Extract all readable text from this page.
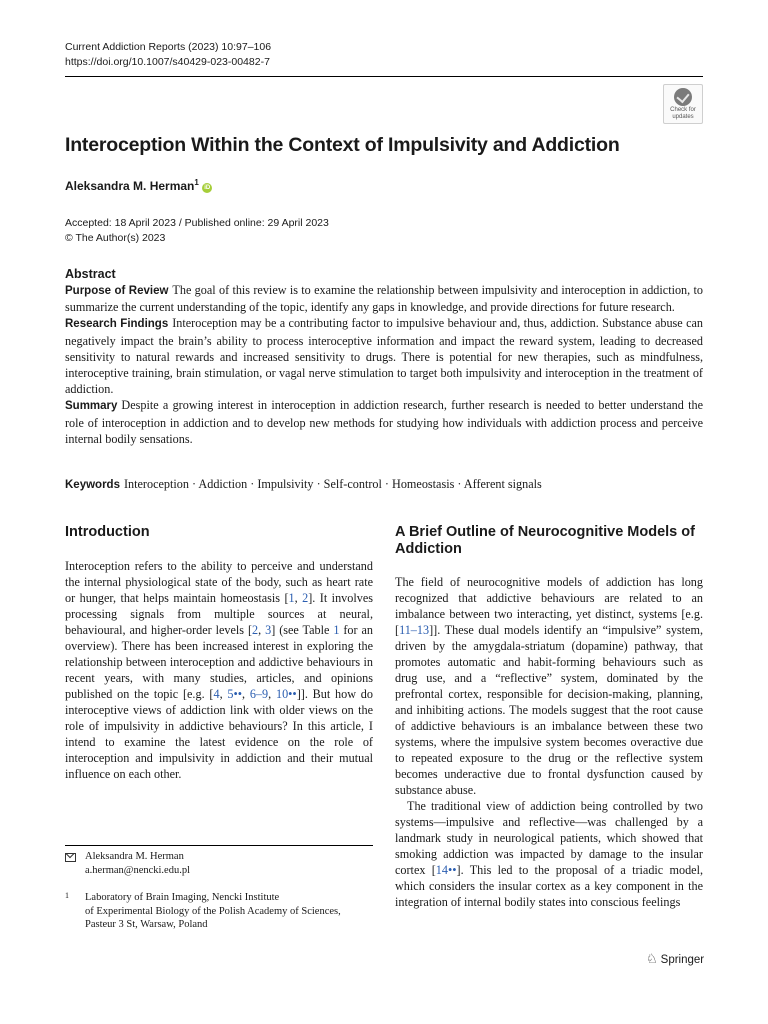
Current Addiction Reports (2023) 10:97–106
https://doi.org/10.1007/s40429-023-00482-7
Check for
updates
Interoception Within the Context of Impulsivity and Addiction
Aleksandra M. Herman$^1$ iD
Accepted: 18 April 2023 / Published online: 29 April 2023
© The Author(s) 2023
Abstract

Purpose of Review The goal of this review is to examine the relationship between impulsivity and interoception in addiction, to summarize the current understanding of the topic, identify any gaps in knowledge, and provide directions for future research.

Research Findings Interoception may be a contributing factor to impulsive behaviour and, thus, addiction. Substance abuse can negatively impact the brain’s ability to process interoceptive information and impact the reward system, leading to decreased sensitivity to natural rewards and increased sensitivity to drugs. There is potential for new therapies, such as mindfulness, interoceptive training, brain stimulation, or vagal nerve stimulation to target both impulsivity and interoception in the treatment of addiction.

Summary Despite a growing interest in interoception in addiction research, further research is needed to better understand the role of interoception in addiction and to develop new methods for studying how individuals with addiction process and perceive internal bodily sensations.

Keywords Interoception · Addiction · Impulsivity · Self-control · Homeostasis · Afferent signals
Introduction

Interoception refers to the ability to perceive and understand the internal physiological state of the body, such as heart rate or hunger, that helps maintain homeostasis [1, 2]. It involves processing signals from multiple sources at neural, behavioural, and higher-order levels [2, 3] (see Table 1 for an overview). There has been increased interest in exploring the relationship between interoception and addictive behaviours in recent years, with many studies, articles, and opinions published on the topic [e.g. [4, 5••, 6–9, 10••]]. But how do interoceptive views of addiction link with older views on the role of impulsivity in addictive behaviours? In this article, I intend to examine the latest evidence on the role of interoception and impulsivity in addiction and their mutual influence on each other.

A Brief Outline of Neurocognitive Models of Addiction

The field of neurocognitive models of addiction has long recognized that addictive behaviours are related to an imbalance between two interacting, yet distinct, systems [e.g. [11–13]]. These dual models identify an “impulsive” system, driven by the amygdala-striatum (dopamine) pathway, that promotes automatic and habit-forming behaviours such as drug use, and a “reflective” system, dominated by the prefrontal cortex, responsible for decision-making, planning, and inhibiting actions. The models suggest that the root cause of addictive behaviours is an imbalance between these two systems, where the impulsive system becomes overactive due to repeated exposure to the drug or the reflective system becomes underactive due to frontal dysfunction caused by substance abuse.

The traditional view of addiction being controlled by two systems—impulsive and reflective—was challenged by a landmark study in neurological patients, which showed that smoking addiction was impacted by damage to the insular cortex [14••]. This led to the proposal of a triadic model, which considers the insular cortex as a key component in the integration of internal bodily states into conscious feelings

Aleksandra M. Herman
a.herman@nencki.edu.pl
1	Laboratory of Brain Imaging, Nencki Institute
of Experimental Biology of the Polish Academy of Sciences,
Pasteur 3 St, Warsaw, Poland
♘ Springer
